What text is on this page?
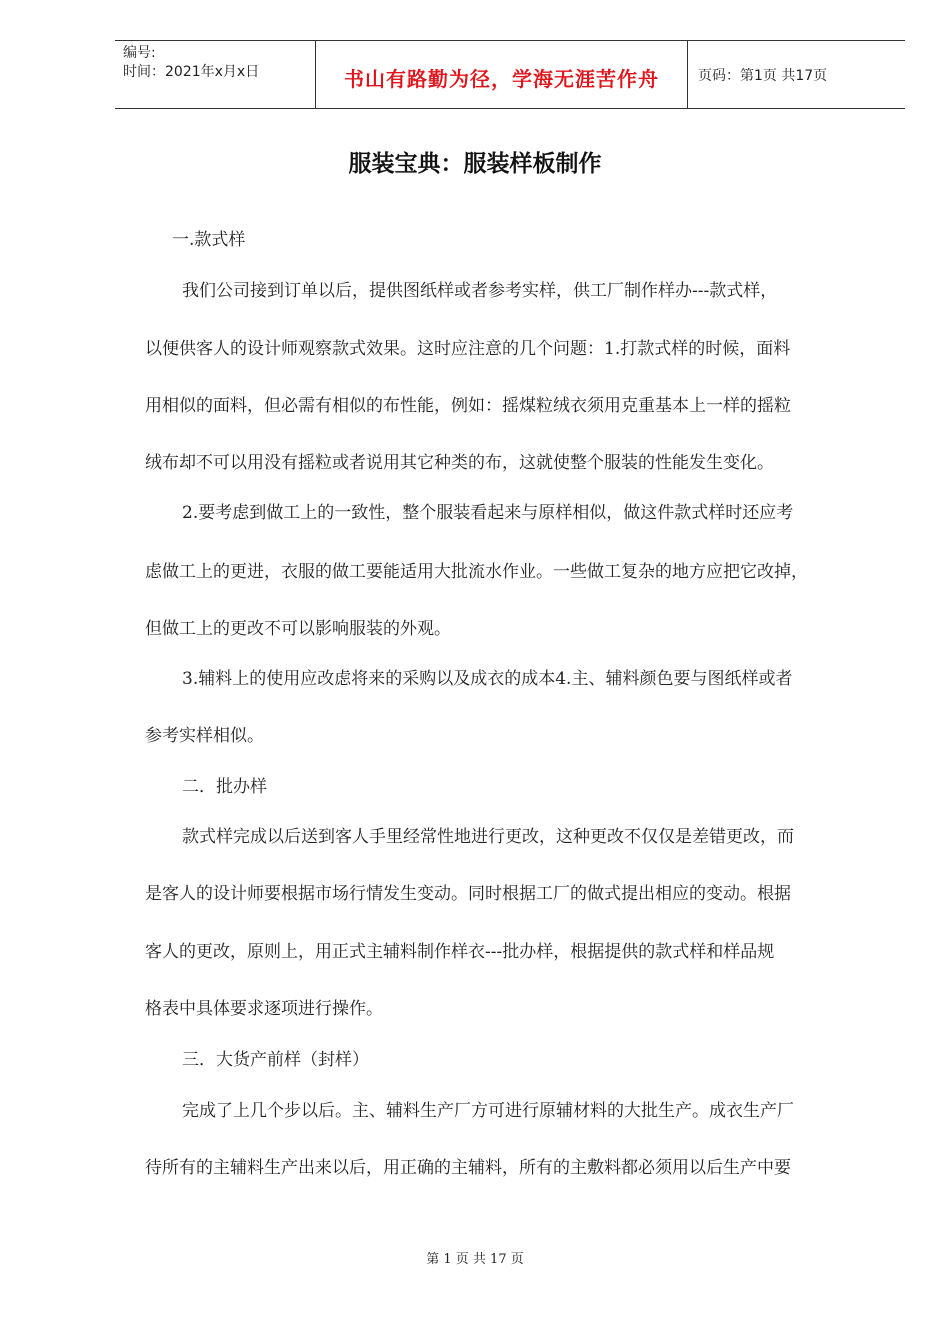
编号:
时间：2021年x月x日	书山有路勤为径，学海无涯苦作舟	页码：第1页 共17页
服装宝典：服装样板制作
一.款式样
我们公司接到订单以后，提供图纸样或者参考实样，供工厂制作样办---款式样，
以便供客人的设计师观察款式效果。这时应注意的几个问题：1.打款式样的时候，面料
用相似的面料，但必需有相似的布性能，例如：摇煤粒绒衣须用克重基本上一样的摇粒
绒布却不可以用没有摇粒或者说用其它种类的布，这就使整个服装的性能发生变化。
2.要考虑到做工上的一致性，整个服装看起来与原样相似，做这件款式样时还应考
虑做工上的更进，衣服的做工要能适用大批流水作业。一些做工复杂的地方应把它改掉，
但做工上的更改不可以影响服装的外观。
3.辅料上的使用应改虑将来的采购以及成衣的成本4.主、辅料颜色要与图纸样或者
参考实样相似。
二．批办样
款式样完成以后送到客人手里经常性地进行更改，这种更改不仅仅是差错更改，而
是客人的设计师要根据市场行情发生变动。同时根据工厂的做式提出相应的变动。根据
客人的更改，原则上，用正式主辅料制作样衣---批办样，根据提供的款式样和样品规
格表中具体要求逐项进行操作。
三．大货产前样（封样）
完成了上几个步以后。主、辅料生产厂方可进行原辅材料的大批生产。成衣生产厂
待所有的主辅料生产出来以后，用正确的主辅料，所有的主敷料都必须用以后生产中要
第 1 页 共 17 页
